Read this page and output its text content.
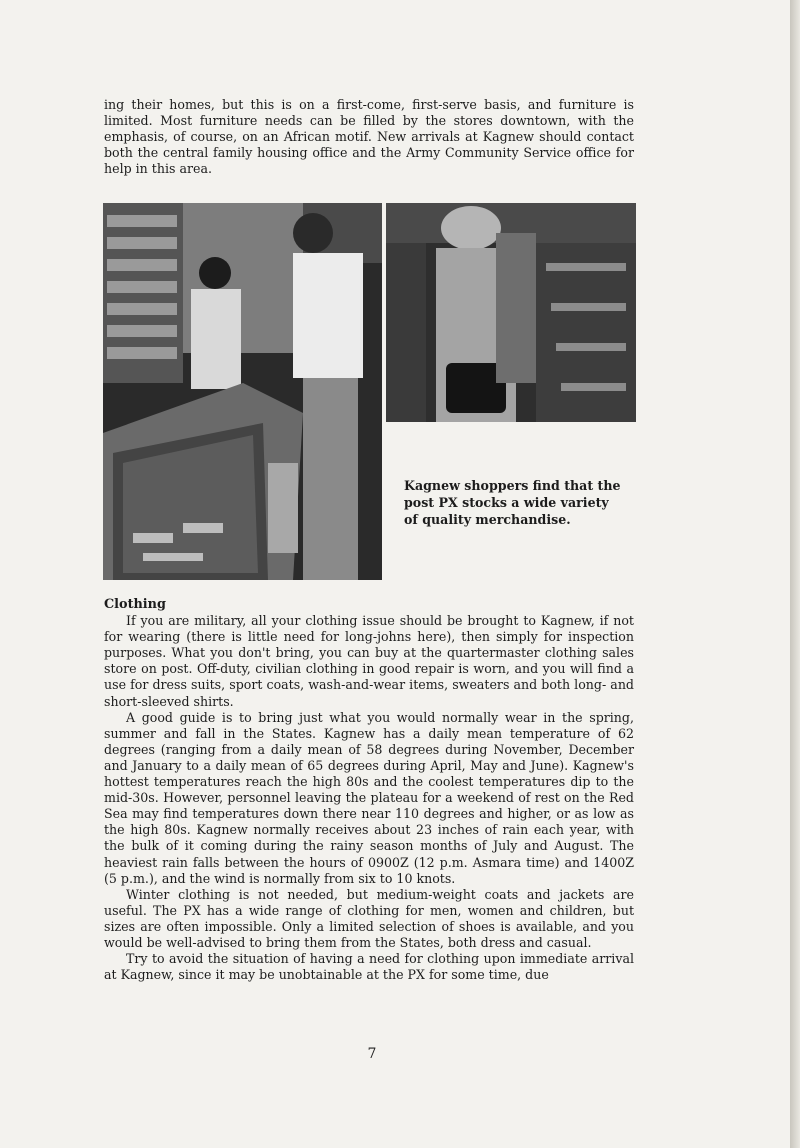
ing their homes, but this is on a first-come, first-serve basis, and furniture is limited. Most furniture needs can be filled by the stores downtown, with the emphasis, of course, on an African motif. New arrivals at Kagnew should contact both the central family housing office and the Army Community Service office for help in this area.

Kagnew shoppers find that the
post PX stocks a wide variety
of quality merchandise.

Clothing

If you are military, all your clothing issue should be brought to Kagnew, if not for wearing (there is little need for long-johns here), then simply for inspection purposes. What you don't bring, you can buy at the quartermaster clothing sales store on post. Off-duty, civilian clothing in good repair is worn, and you will find a use for dress suits, sport coats, wash-and-wear items, sweaters and both long- and short-sleeved shirts.

A good guide is to bring just what you would normally wear in the spring, summer and fall in the States. Kagnew has a daily mean temperature of 62 degrees (ranging from a daily mean of 58 degrees during November, December and January to a daily mean of 65 degrees during April, May and June). Kagnew's hottest temperatures reach the high 80s and the coolest temperatures dip to the mid-30s. However, personnel leaving the plateau for a weekend of rest on the Red Sea may find temperatures down there near 110 degrees and higher, or as low as the high 80s. Kagnew normally receives about 23 inches of rain each year, with the bulk of it coming during the rainy season months of July and August. The heaviest rain falls between the hours of 0900Z (12 p.m. Asmara time) and 1400Z (5 p.m.), and the wind is normally from six to 10 knots.

Winter clothing is not needed, but medium-weight coats and jackets are useful. The PX has a wide range of clothing for men, women and children, but sizes are often impossible. Only a limited selection of shoes is available, and you would be well-advised to bring them from the States, both dress and casual.

Try to avoid the situation of having a need for clothing upon immediate arrival at Kagnew, since it may be unobtainable at the PX for some time, due

7
